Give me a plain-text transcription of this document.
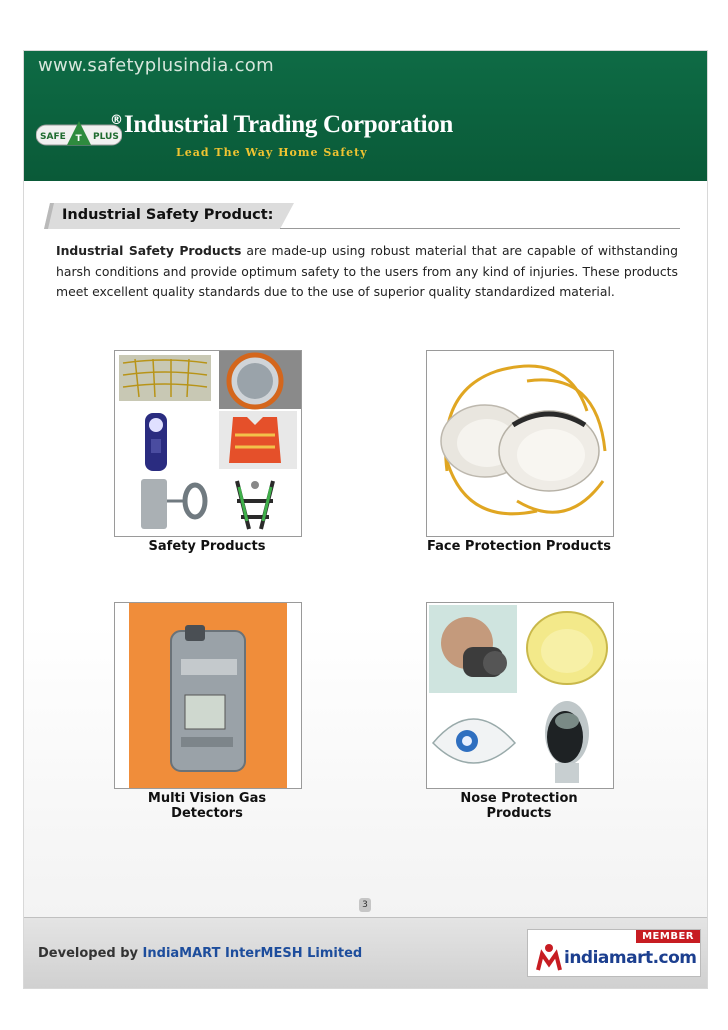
www.safetyplusindia.com
SAFE T PLUS
® Industrial Trading Corporation
Lead The Way Home Safety
Industrial Safety Product:
Industrial Safety Products are made-up using robust material that are capable of withstanding harsh conditions and provide optimum safety to the users from any kind of injuries. These products meet excellent quality standards due to the use of superior quality standardized material.
Safety Products	Face Protection Products
Multi Vision Gas Detectors
Nose Protection Products
3
Developed by IndiaMART InterMESH Limited
MEMBER
indiamart.com
